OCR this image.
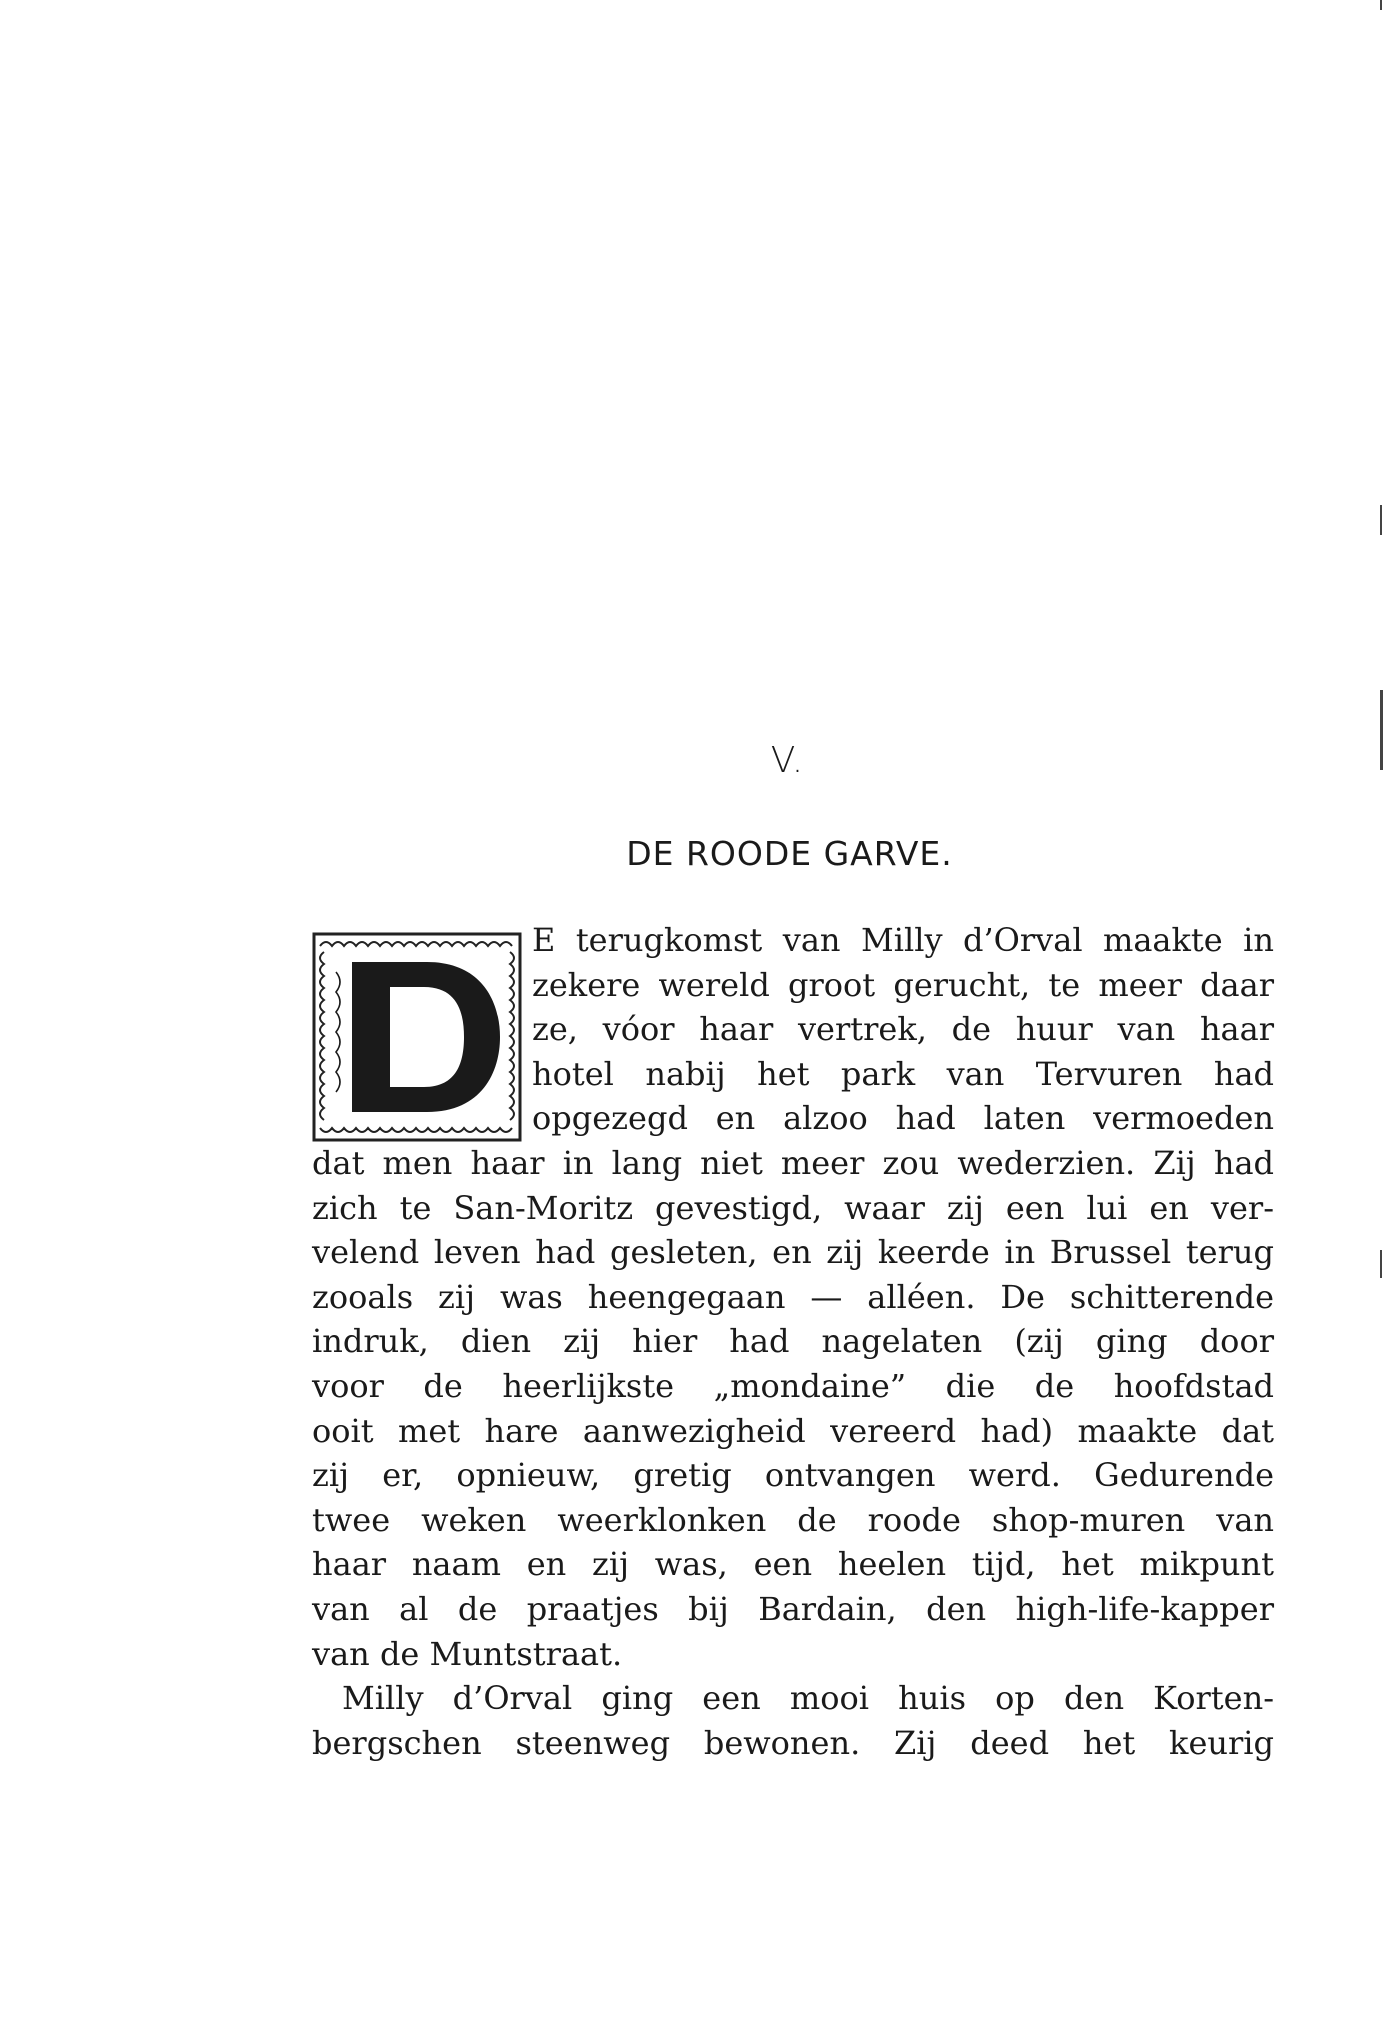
V.
DE ROODE GARVE.
E terugkomst van Milly d’Orval maakte in
zekere wereld groot gerucht, te meer daar
ze, vóor haar vertrek, de huur van haar
hotel nabij het park van Tervuren had
opgezegd en alzoo had laten vermoeden
dat men haar in lang niet meer zou wederzien. Zij had
zich te San-Moritz gevestigd, waar zij een lui en ver-
velend leven had gesleten, en zij keerde in Brussel terug
zooals zij was heengegaan — alléen. De schitterende
indruk, dien zij hier had nagelaten (zij ging door
voor de heerlijkste „mondaine” die de hoofdstad
ooit met hare aanwezigheid vereerd had) maakte dat
zij er, opnieuw, gretig ontvangen werd. Gedurende
twee weken weerklonken de roode shop-muren van
haar naam en zij was, een heelen tijd, het mikpunt
van al de praatjes bij Bardain, den high-life-kapper
van de Muntstraat.
Milly d’Orval ging een mooi huis op den Korten-
bergschen steenweg bewonen. Zij deed het keurig
